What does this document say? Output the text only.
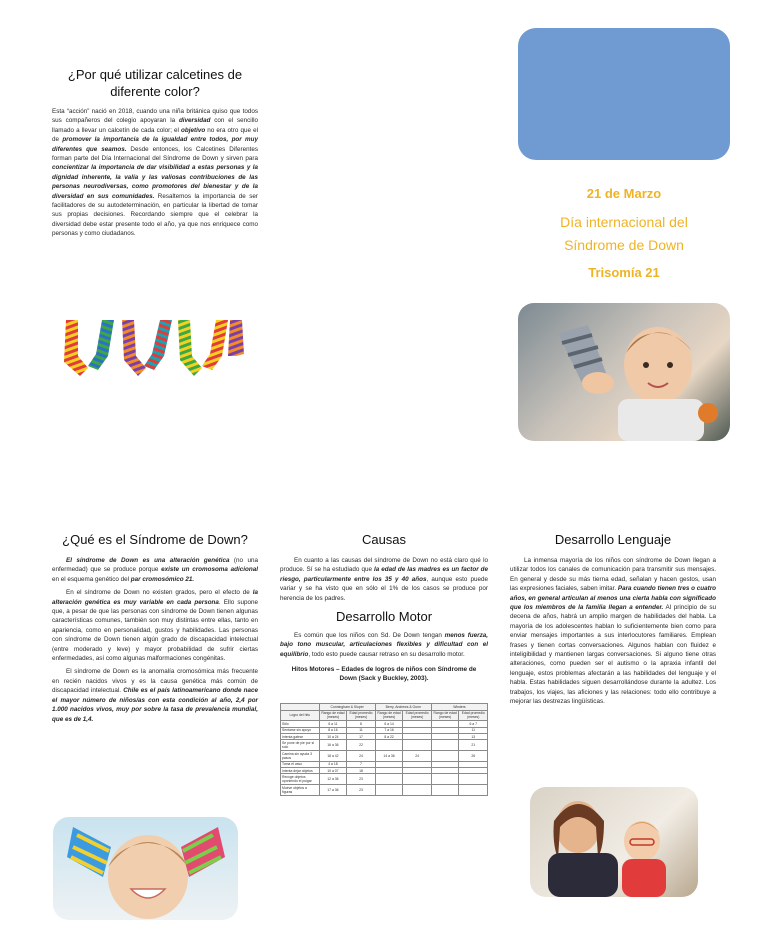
¿Por qué utilizar calcetines de diferente color?

Esta “acción” nació en 2018, cuando una niña británica quiso que todos sus compañeros del colegio apoyaran la diversidad con el sencillo llamado a llevar un calcetín de cada color; el objetivo no era otro que el de promover la importancia de la igualdad entre todos, por muy diferentes que seamos. Desde entonces, los Calcetines Diferentes forman parte del Día Internacional del Síndrome de Down y sirven para concientizar la importancia de dar visibilidad a estas personas y la dignidad inherente, la valía y las valiosas contribuciones de las personas neurodiversas, como promotores del bienestar y de la diversidad en sus comunidades. Resaltemos la importancia de ser facilitadores de su autodeterminación, en particular la libertad de tomar sus propias decisiones. Recordando siempre que el celebrar la diversidad debe estar presente todo el año, ya que nos enriquece como personas y como ciudadanos.

21 de Marzo
Día internacional del
Síndrome de Down
Trisomía 21
¿Qué es el Síndrome de Down?

El síndrome de Down es una alteración genética (no una enfermedad) que se produce porque existe un cromosoma adicional en el esquema genético del par cromosómico 21.

En el síndrome de Down no existen grados, pero el efecto de la alteración genética es muy variable en cada persona. Ello supone que, a pesar de que las personas con síndrome de Down tienen algunas características comunes, también son muy distintas entre ellas, tanto en apariencia, como en personalidad, gustos y habilidades. Las personas con síndrome de Down tienen algún grado de discapacidad intelectual (entre moderado y leve) y mayor probabilidad de sufrir ciertas enfermedades, así como algunas malformaciones congénitas.

El síndrome de Down es la anomalía cromosómica más frecuente en recién nacidos vivos y es la causa genética más común de discapacidad intelectual. Chile es el país latinoamericano donde nace el mayor número de niños/as con esta condición al año, 2,4 por 1.000 nacidos vivos, muy por sobre la tasa de prevalencia mundial, que es de 1,4.

Causas

En cuanto a las causas del síndrome de Down no está claro qué lo produce. Sí se ha estudiado que la edad de las madres es un factor de riesgo, particularmente entre los 35 y 40 años, aunque esto puede variar y se ha visto que en sólo el 1% de los casos se produce por herencia de los padres.

Desarrollo Motor

Es común que los niños con Sd. De Down tengan menos fuerza, bajo tono muscular, articulaciones flexibles y dificultad con el equilibrio, todo esto puede causar retraso en su desarrollo motor.

Hitos Motores – Edades de logros de niños con Síndrome de Down (Sack y Buckley, 2003).
	Cunningham & Sloper		Berry, Andrews & Gunn		Winders	
Logro del hito	Rango de edad (meses)	Edad promedio (meses)	Rango de edad (meses)	Edad promedio (meses)	Rango de edad (meses)	Edad promedio (meses)
Sitio	6 a 11	8	6 a 14			6 a 7
Sentarse sin apoyo	8 a 16	11	7 a 16			11
Intenta gatear	10 a 24	17	8 a 22			13
Se pone de pie por si solo	16 a 36	22				21
Camina sin ayuda 3 pasos	18 a 42	24	14 a 36	24		26
Toma el vaso	4 a 18	7				
Intenta dejar objetos	10 a 07	18				
Recoge objetos oponiendo el pulgar	12 a 36	23				
Mueve objetos a figuras	17 a 36	23				
Desarrollo Lenguaje

La inmensa mayoría de los niños con síndrome de Down llegan a utilizar todos los canales de comunicación para transmitir sus mensajes. En general y desde su más tierna edad, señalan y hacen gestos, usan las expresiones faciales, saben imitar. Para cuando tienen tres o cuatro años, en general articulan al menos una cierta habla con significado que los miembros de la familia llegan a entender. Al principio de su decena de años, habrá un amplio margen de habilidades del habla. La mayoría de los adolescentes hablan lo suficientemente bien como para enviar mensajes importantes a sus interlocutores familiares. Emplean frases y tienen cortas conversaciones. Algunos hablan con fluidez e inteligibilidad y mantienen largas conversaciones. Si alguno tiene otras alteraciones, como pueden ser el autismo o la apraxia infantil del lenguaje, estos problemas afectarán a las habilidades del lenguaje y el habla. Estas habilidades siguen desarrollándose durante la adultez. Los trabajos, los viajes, las aficiones y las relaciones: todo ello contribuye a mejorar las destrezas lingüísticas.
